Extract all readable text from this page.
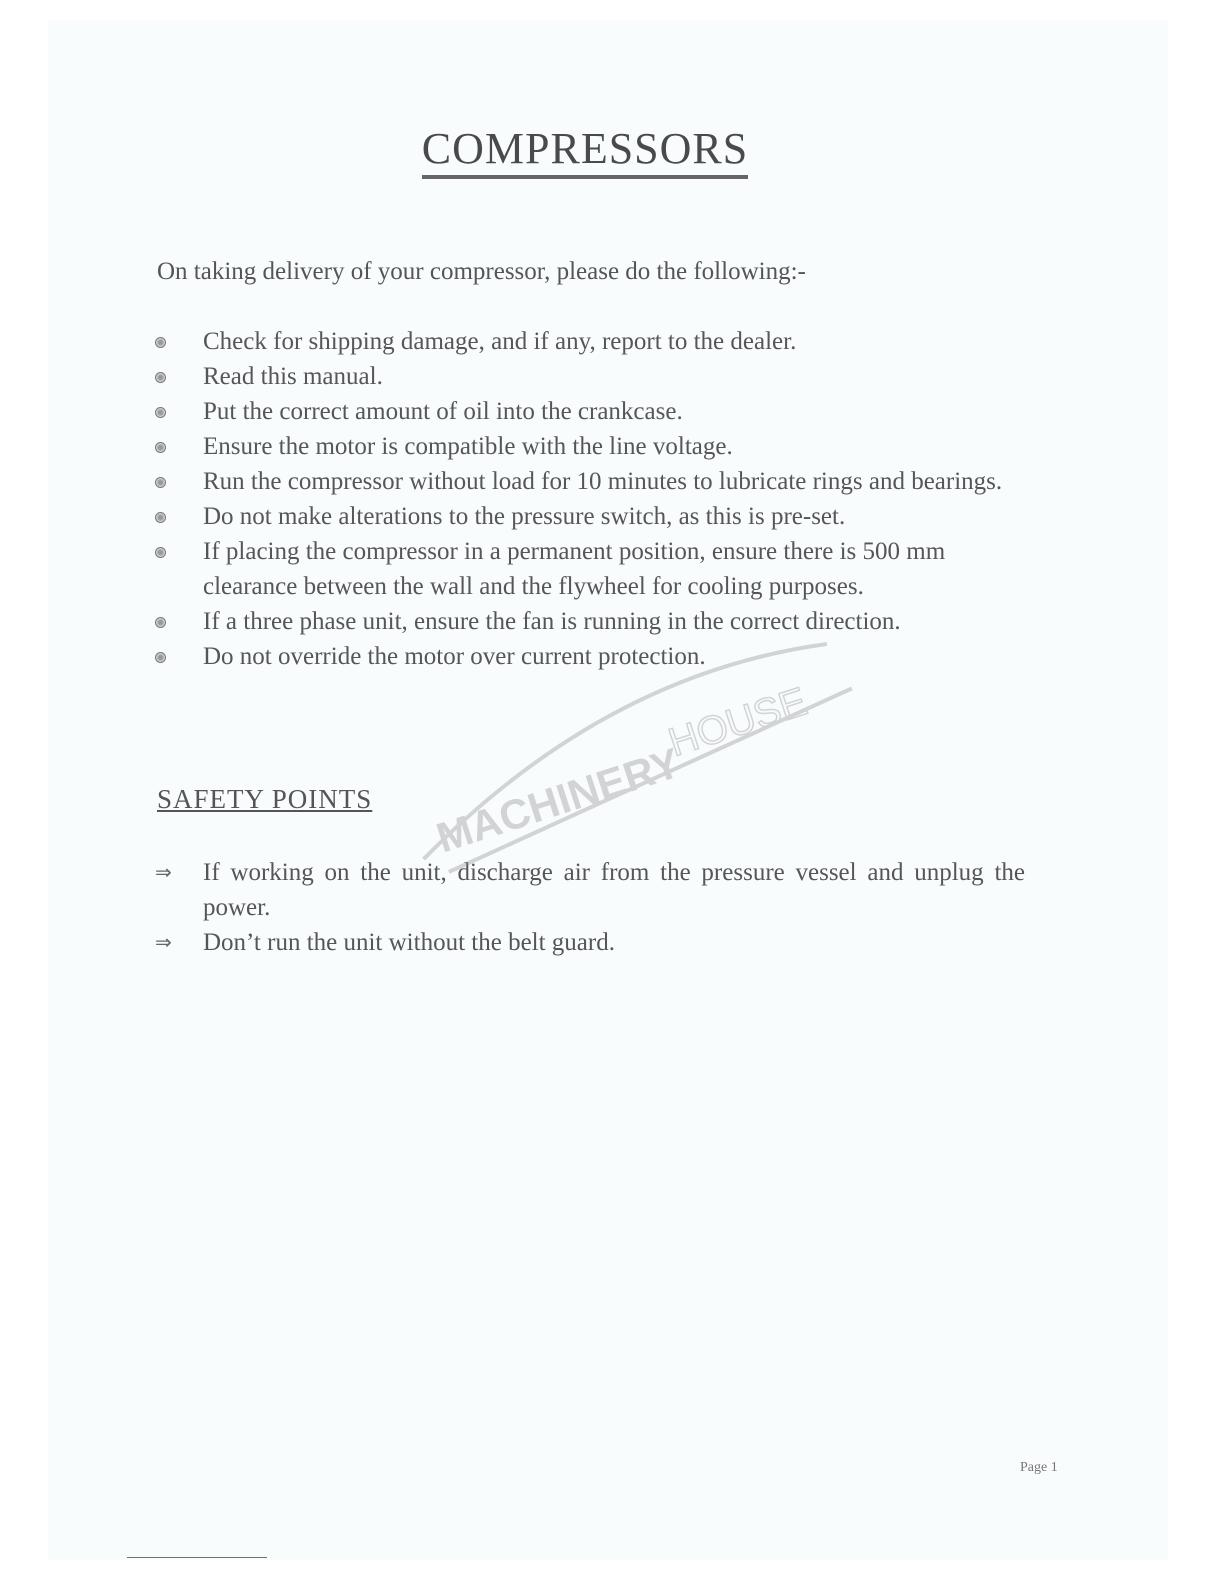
COMPRESSORS
On taking delivery of your compressor, please do the following:-
Check for shipping damage, and if any, report to the dealer.
Read this manual.
Put the correct amount of oil into the crankcase.
Ensure the motor is compatible with the line voltage.
Run the compressor without load for 10 minutes to lubricate rings and bearings.
Do not make alterations to the pressure switch, as this is pre-set.
If placing the compressor in a permanent position, ensure there is 500 mm clearance between the wall and the flywheel for cooling purposes.
If a three phase unit, ensure the fan is running in the correct direction.
Do not override the motor over current protection.
SAFETY POINTS
⇒ If working on the unit, discharge air from the pressure vessel and unplug the power.
⇒ Don’t run the unit without the belt guard.
MACHINERY
HOUSE
Page 1
